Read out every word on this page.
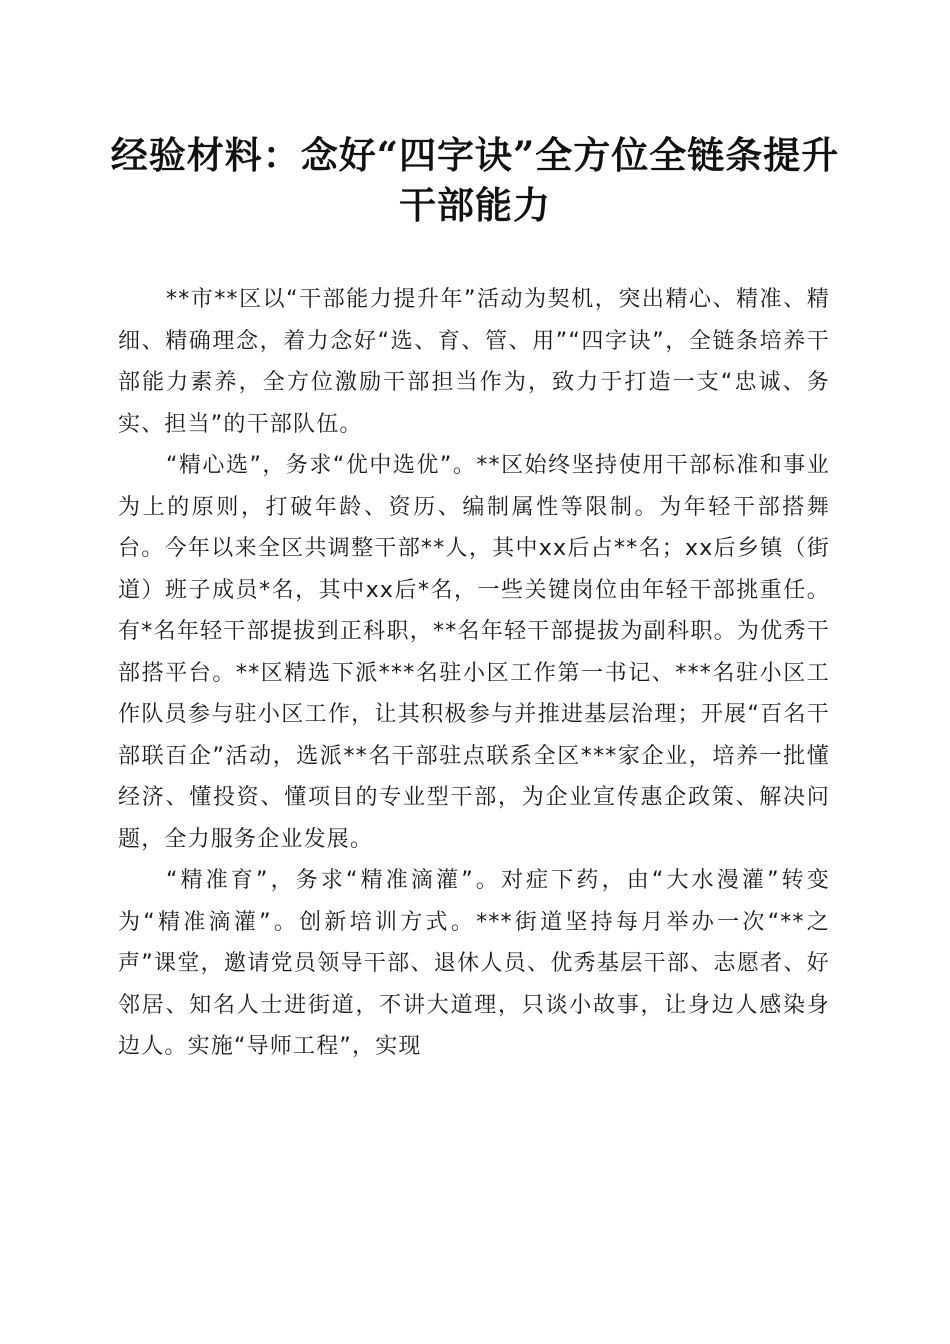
经验材料：念好“四字诀”全方位全链条提升干部能力

**市**区以“干部能力提升年”活动为契机，突出精心、精准、精细、精确理念，着力念好“选、育、管、用”“四字诀”，全链条培养干部能力素养，全方位激励干部担当作为，致力于打造一支“忠诚、务实、担当”的干部队伍。

“精心选”，务求“优中选优”。**区始终坚持使用干部标准和事业为上的原则，打破年龄、资历、编制属性等限制。为年轻干部搭舞台。今年以来全区共调整干部**人，其中xx后占**名；xx后乡镇（街道）班子成员*名，其中xx后*名，一些关键岗位由年轻干部挑重任。有*名年轻干部提拔到正科职，**名年轻干部提拔为副科职。为优秀干部搭平台。**区精选下派***名驻小区工作第一书记、***名驻小区工作队员参与驻小区工作，让其积极参与并推进基层治理；开展“百名干部联百企”活动，选派**名干部驻点联系全区***家企业，培养一批懂经济、懂投资、懂项目的专业型干部，为企业宣传惠企政策、解决问题，全力服务企业发展。

“精准育”，务求“精准滴灌”。对症下药，由“大水漫灌”转变为“精准滴灌”。创新培训方式。***街道坚持每月举办一次“**之声”课堂，邀请党员领导干部、退休人员、优秀基层干部、志愿者、好邻居、知名人士进街道，不讲大道理，只谈小故事，让身边人感染身边人。实施“导师工程”，实现
